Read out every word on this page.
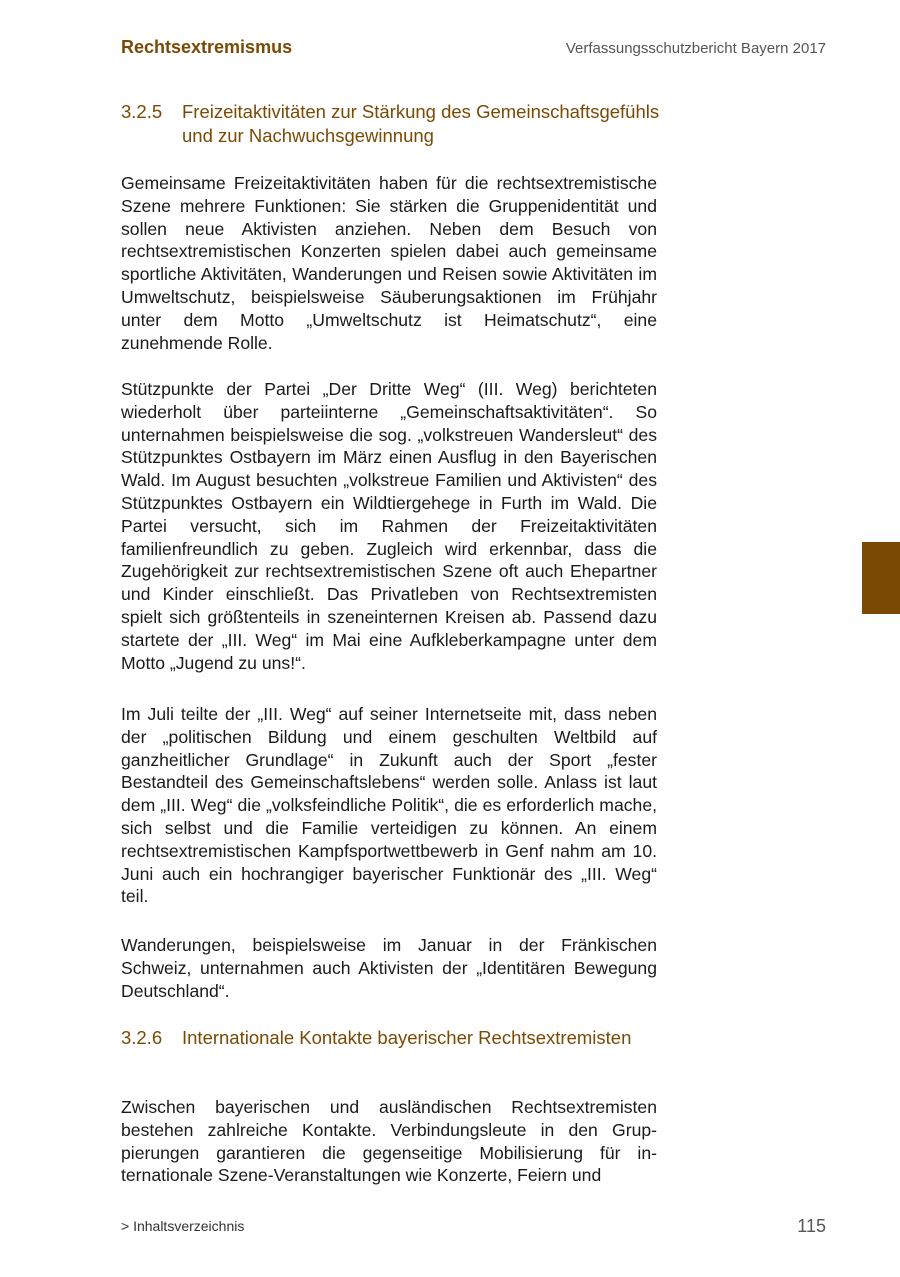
Rechtsextremismus	Verfassungsschutzbericht Bayern 2017
3.2.5	Freizeitaktivitäten zur Stärkung des Gemeinschaftsgefühls und zur Nachwuchsgewinnung

Gemeinsame Freizeitaktivitäten haben für die rechtsextremistische Szene mehrere Funktionen: Sie stärken die Gruppenidentität und sollen neue Aktivisten anziehen. Neben dem Besuch von rechtsextremistischen Konzerten spielen dabei auch gemeinsame sportliche Aktivitäten, Wanderungen und Reisen sowie Aktivitäten im Umweltschutz, beispielsweise Säuberungsaktionen im Frühjahr unter dem Motto „Umweltschutz ist Heimatschutz“, eine zunehmende Rolle.

Stützpunkte der Partei „Der Dritte Weg“ (III. Weg) berichteten wiederholt über parteiinterne „Gemeinschaftsaktivitäten“. So unternahmen beispielsweise die sog. „volkstreuen Wandersleut“ des Stützpunktes Ostbayern im März einen Ausflug in den Bayerischen Wald. Im August besuchten „volkstreue Familien und Aktivisten“ des Stützpunktes Ostbayern ein Wildtiergehege in Furth im Wald. Die Partei versucht, sich im Rahmen der Freizeitaktivitäten familienfreundlich zu geben. Zugleich wird erkennbar, dass die Zugehörigkeit zur rechtsextremistischen Szene oft auch Ehepartner und Kinder einschließt. Das Privatleben von Rechtsextremisten spielt sich größtenteils in szeneinternen Kreisen ab. Passend dazu startete der „III. Weg“ im Mai eine Aufkleberkampagne unter dem Motto „Jugend zu uns!“.

Im Juli teilte der „III. Weg“ auf seiner Internetseite mit, dass neben der „politischen Bildung und einem geschulten Weltbild auf ganzheitlicher Grundlage“ in Zukunft auch der Sport „fester Bestandteil des Gemeinschaftslebens“ werden solle. Anlass ist laut dem „III. Weg“ die „volksfeindliche Politik“, die es erforderlich mache, sich selbst und die Familie verteidigen zu können. An einem rechtsextremistischen Kampfsportwettbewerb in Genf nahm am 10. Juni auch ein hochrangiger bayerischer Funktionär des „III. Weg“ teil.

Wanderungen, beispielsweise im Januar in der Fränkischen Schweiz, unternahmen auch Aktivisten der „Identitären Bewegung Deutschland“.

3.2.6	Internationale Kontakte bayerischer Rechtsextremisten

Zwischen bayerischen und ausländischen Rechtsextremisten bestehen zahlreiche Kontakte. Verbindungsleute in den Gruppierungen garantieren die gegenseitige Mobilisierung für internationale Szene-Veranstaltungen wie Konzerte, Feiern und

> Inhaltsverzeichnis	115
